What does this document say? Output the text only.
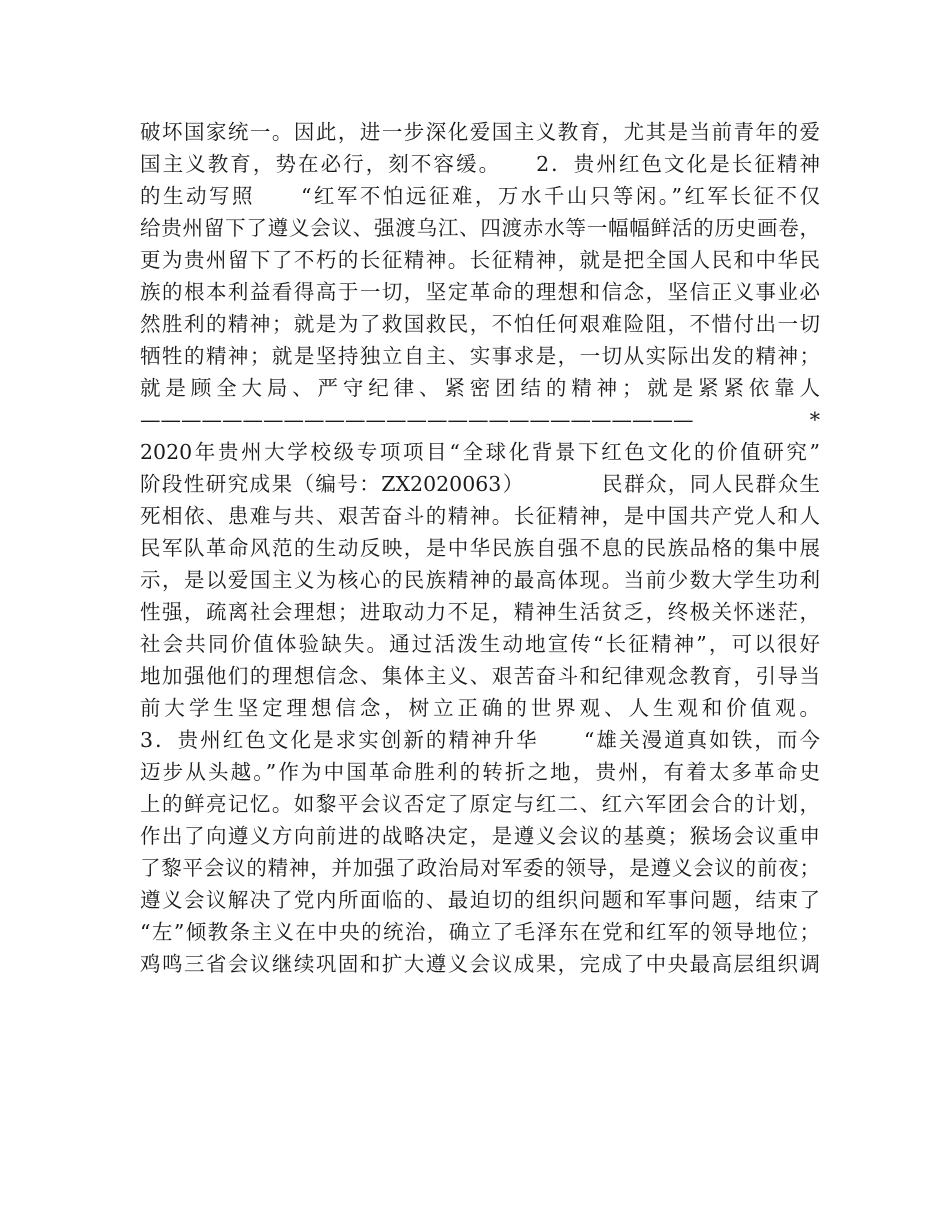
破坏国家统一。因此，进一步深化爱国主义教育，尤其是当前青年的爱
国主义教育，势在必行，刻不容缓。　　2．贵州红色文化是长征精神
的生动写照　　“红军不怕远征难，万水千山只等闲。”红军长征不仅
给贵州留下了遵义会议、强渡乌江、四渡赤水等一幅幅鲜活的历史画卷，
更为贵州留下了不朽的长征精神。长征精神，就是把全国人民和中华民
族的根本利益看得高于一切，坚定革命的理想和信念，坚信正义事业必
然胜利的精神；就是为了救国救民，不怕任何艰难险阻，不惜付出一切
牺牲的精神；就是坚持独立自主、实事求是，一切从实际出发的精神；
就是顾全大局、严守纪律、紧密团结的精神；就是紧紧依靠人
———————————————————————————　　*
2020年贵州大学校级专项项目“全球化背景下红色文化的价值研究”
阶段性研究成果（编号：ZX2020063）　　　　民群众，同人民群众生
死相依、患难与共、艰苦奋斗的精神。长征精神，是中国共产党人和人
民军队革命风范的生动反映，是中华民族自强不息的民族品格的集中展
示，是以爱国主义为核心的民族精神的最高体现。当前少数大学生功利
性强，疏离社会理想；进取动力不足，精神生活贫乏，终极关怀迷茫，
社会共同价值体验缺失。通过活泼生动地宣传“长征精神”，可以很好
地加强他们的理想信念、集体主义、艰苦奋斗和纪律观念教育，引导当
前大学生坚定理想信念，树立正确的世界观、人生观和价值观。
3．贵州红色文化是求实创新的精神升华　　“雄关漫道真如铁，而今
迈步从头越。”作为中国革命胜利的转折之地，贵州，有着太多革命史
上的鲜亮记忆。如黎平会议否定了原定与红二、红六军团会合的计划，
作出了向遵义方向前进的战略决定，是遵义会议的基奠；猴场会议重申
了黎平会议的精神，并加强了政治局对军委的领导，是遵义会议的前夜；
遵义会议解决了党内所面临的、最迫切的组织问题和军事问题，结束了
“左”倾教条主义在中央的统治，确立了毛泽东在党和红军的领导地位；
鸡鸣三省会议继续巩固和扩大遵义会议成果，完成了中央最高层组织调
